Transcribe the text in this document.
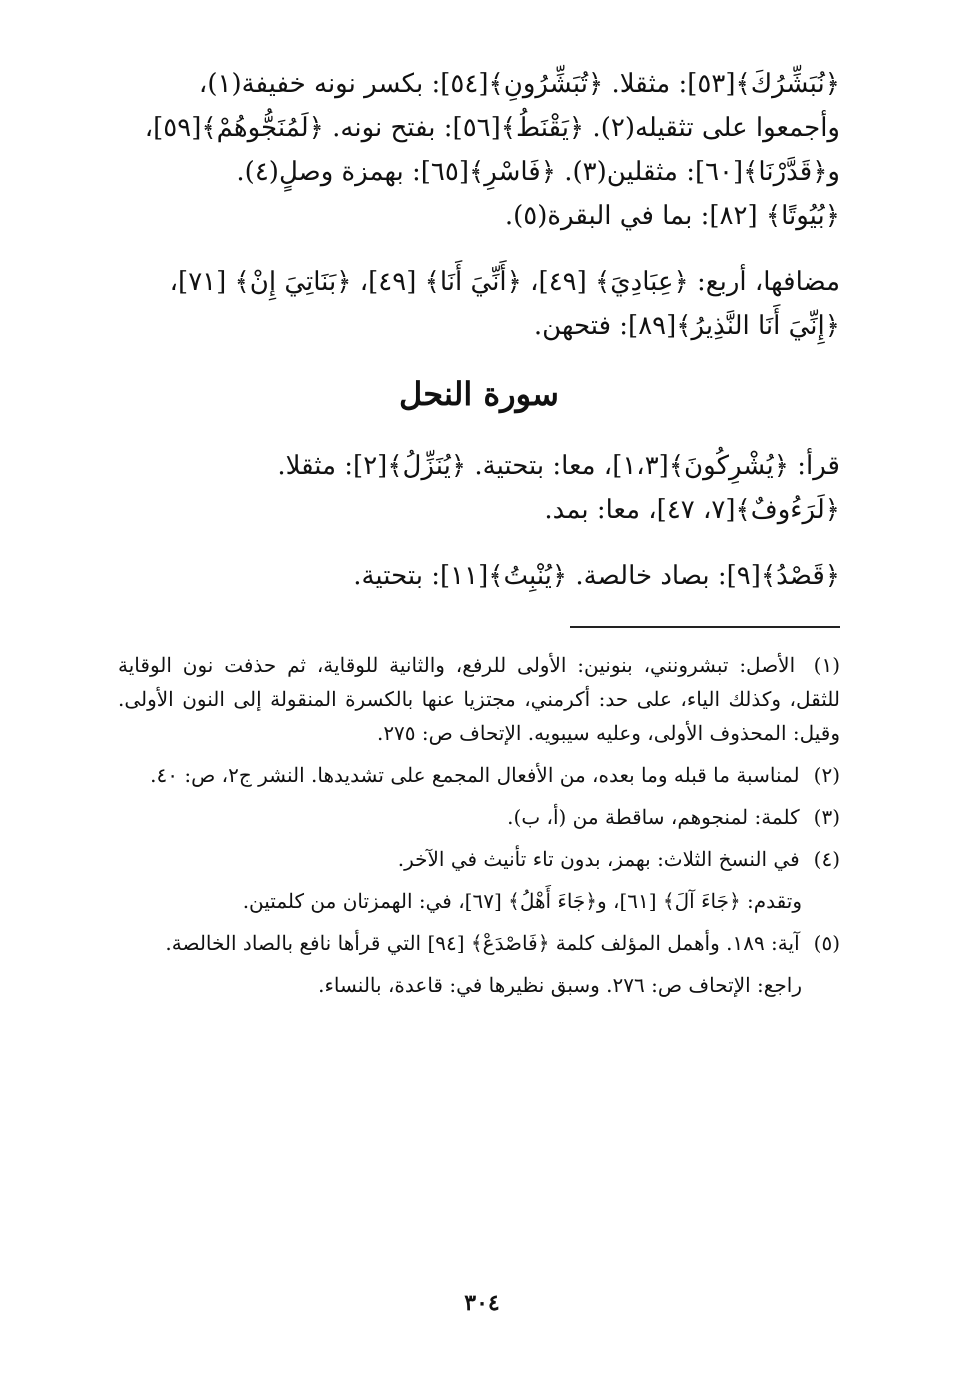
﴿نُبَشِّرُكَ﴾[٥٣]: مثقلا. ﴿تُبَشِّرُونِ﴾[٥٤]: بكسر نونه خفيفة(١)،
وأجمعوا على تثقيله(٢). ﴿يَقْنَطُ﴾[٥٦]: بفتح نونه. ﴿لَمُنَجُّوهُمْ﴾[٥٩]،
و﴿قَدَّرْنَا﴾[٦٠]: مثقلين(٣). ﴿فَاسْرِ﴾[٦٥]: بهمزة وصلٍ(٤).
﴿بُيُوتًا﴾ [٨٢]: بما في البقرة(٥).
مضافها، أربع: ﴿عِبَادِيَ﴾ [٤٩]، ﴿أَنِّيَ أَنَا﴾ [٤٩]، ﴿بَنَاتِيَ إِنْ﴾ [٧١]،
﴿إِنِّيَ أَنَا النَّذِيرُ﴾[٨٩]: فتحهن.
سورة النحل
قرأ: ﴿يُشْرِكُونَ﴾[١،٣]، معا: بتحتية. ﴿يُنَزِّلُ﴾[٢]: مثقلا.
﴿لَرَءُوفٌ﴾[٧، ٤٧]، معا: بمد.
﴿قَصْدُ﴾[٩]: بصاد خالصة. ﴿يُنْبِتُ﴾[١١]: بتحتية.
(١) الأصل: تبشرونني، بنونين: الأولى للرفع، والثانية للوقاية، ثم حذفت نون الوقاية للثقل، وكذلك الياء، على حد: أكرمني، مجتزيا عنها بالكسرة المنقولة إلى النون الأولى. وقيل: المحذوف الأولى، وعليه سيبويه. الإتحاف ص: ٢٧٥.
(٢) لمناسبة ما قبله وما بعده، من الأفعال المجمع على تشديدها. النشر ج٢، ص: ٤٠.
(٣) كلمة: لمنجوهم، ساقطة من (أ، ب).
(٤) في النسخ الثلاث: بهمز، بدون تاء تأنيث في الآخر.
وتقدم: ﴿جَاءَ آلَ﴾ [٦١]، و﴿جَاءَ أَهْلُ﴾ [٦٧]، في: الهمزتان من كلمتين.
(٥) آية: ١٨٩. وأهمل المؤلف كلمة ﴿فَاصْدَعْ﴾ [٩٤] التي قرأها نافع بالصاد الخالصة.
راجع: الإتحاف ص: ٢٧٦. وسبق نظيرها في: قاعدة، بالنساء.
٣٠٤
